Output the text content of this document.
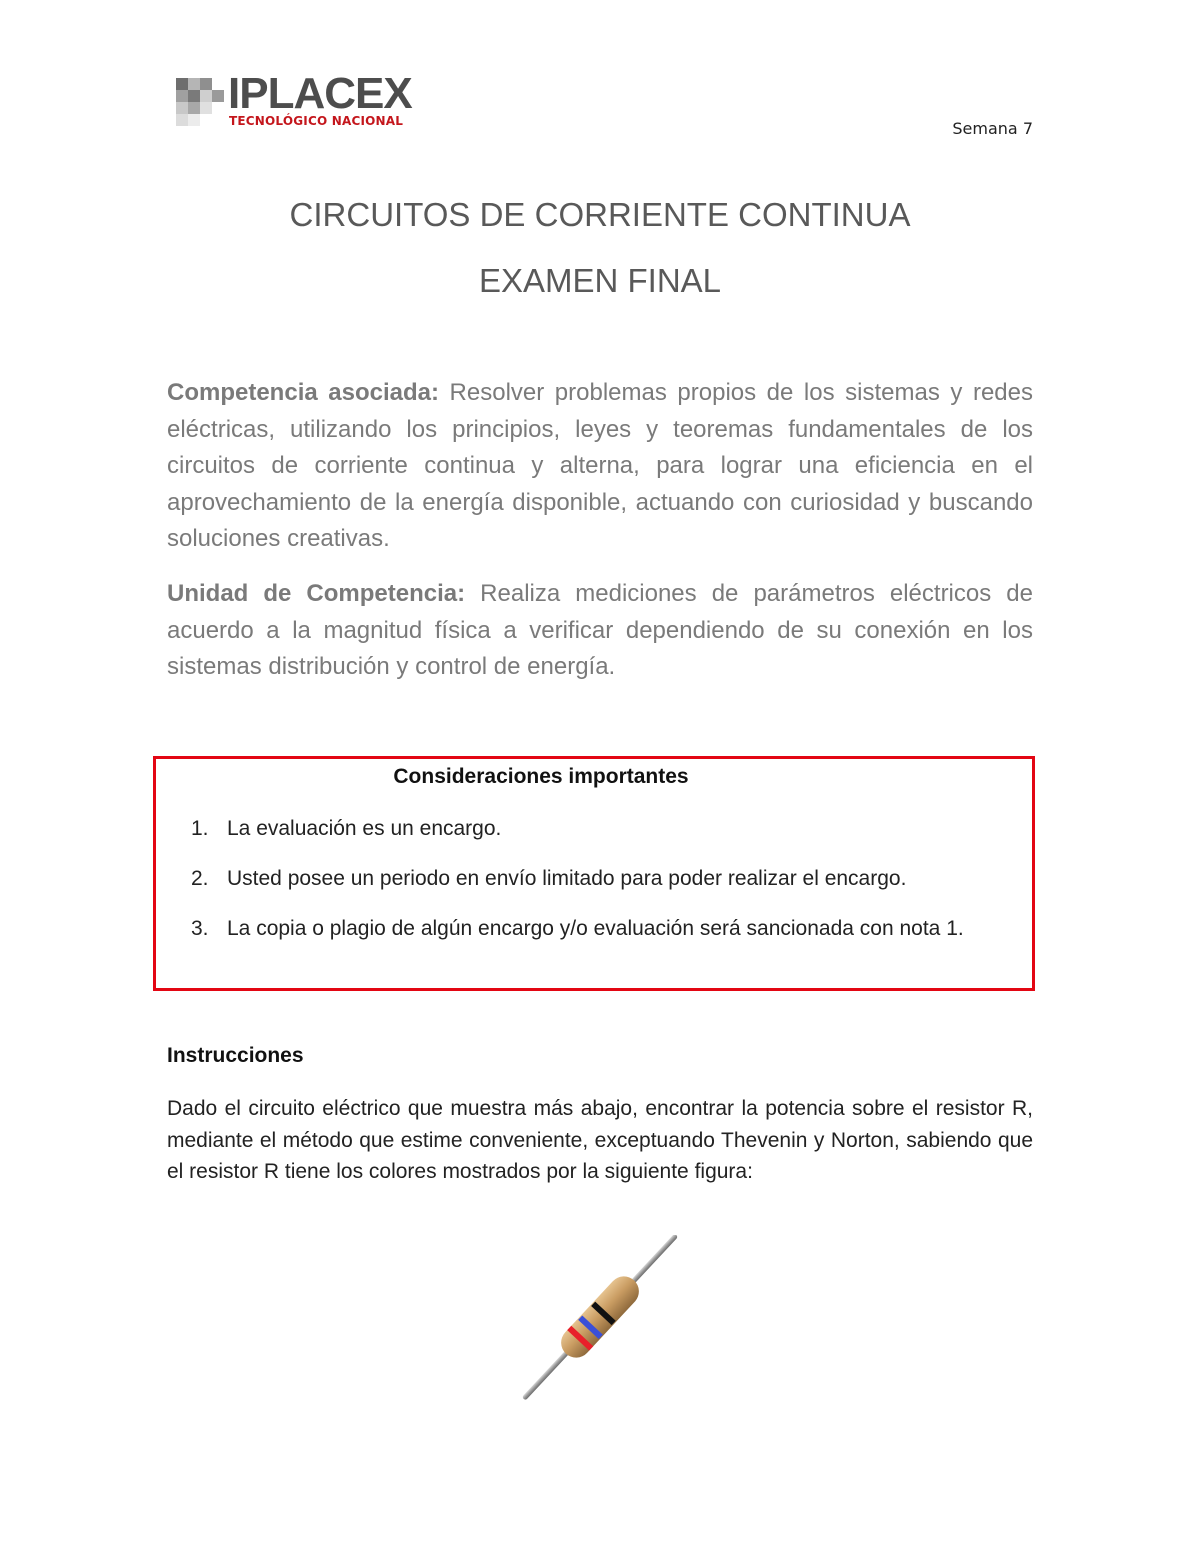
IPLACEX
TECNOLÓGICO NACIONAL	Semana 7
CIRCUITOS DE CORRIENTE CONTINUA
EXAMEN FINAL

Competencia asociada: Resolver problemas propios de los sistemas y redes eléctricas, utilizando los principios, leyes y teoremas fundamentales de los circuitos de corriente continua y alterna, para lograr una eficiencia en el aprovechamiento de la energía disponible, actuando con curiosidad y buscando soluciones creativas.

Unidad de Competencia: Realiza mediciones de parámetros eléctricos de acuerdo a la magnitud física a verificar dependiendo de su conexión en los sistemas distribución y control de energía.

Consideraciones importantes
1. La evaluación es un encargo.
2. Usted posee un periodo en envío limitado para poder realizar el encargo.
3. La copia o plagio de algún encargo y/o evaluación será sancionada con nota 1.
Instrucciones

Dado el circuito eléctrico que muestra más abajo, encontrar la potencia sobre el resistor R, mediante el método que estime conveniente, exceptuando Thevenin y Norton, sabiendo que el resistor R tiene los colores mostrados por la siguiente figura:
